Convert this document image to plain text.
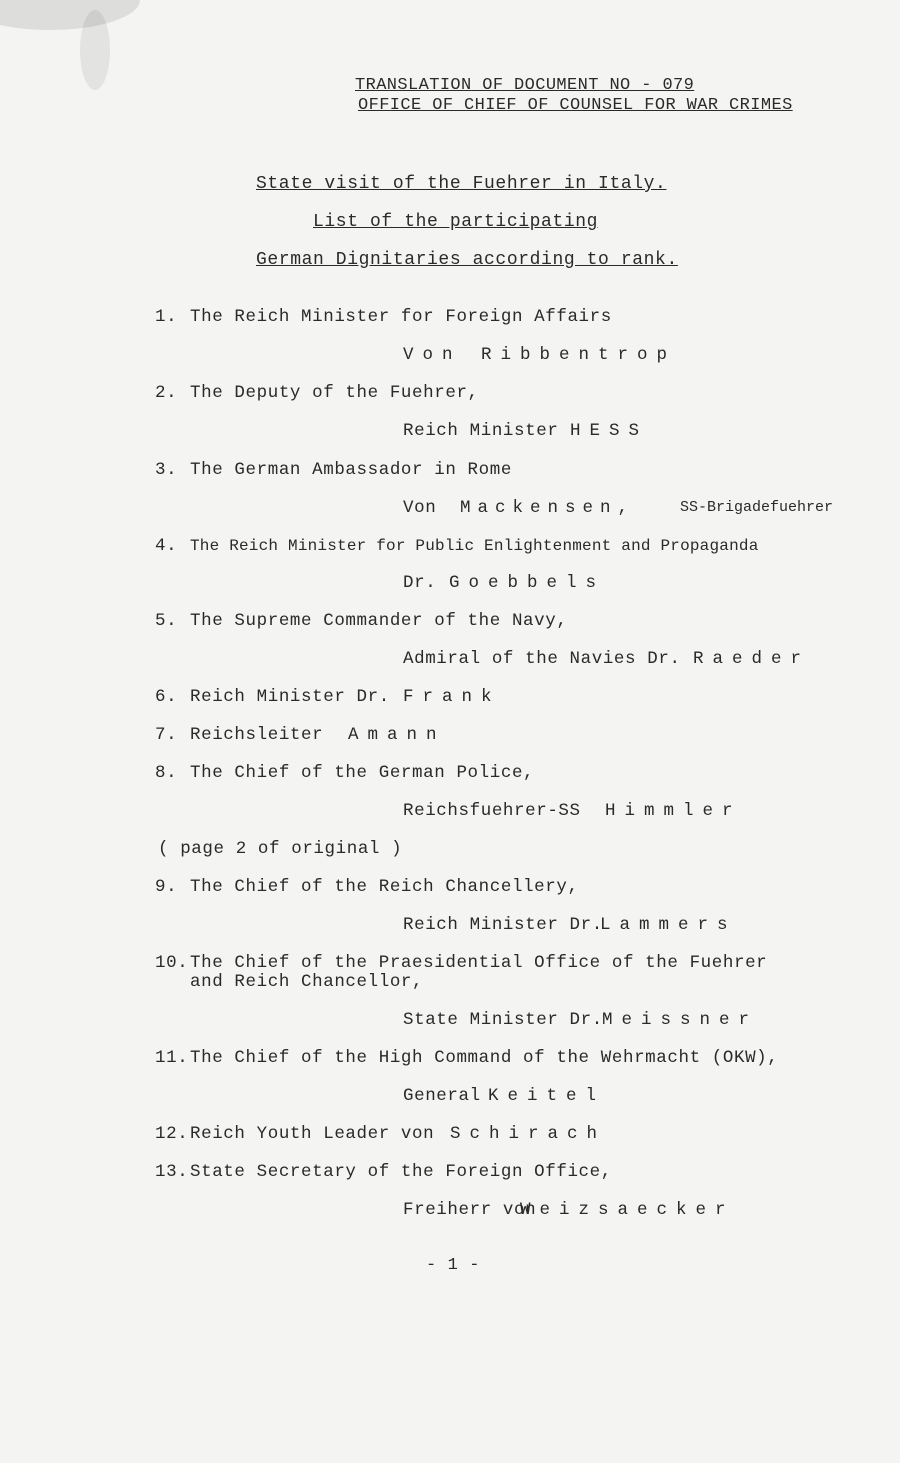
TRANSLATION OF DOCUMENT NO - 079
OFFICE OF CHIEF OF COUNSEL FOR WAR CRIMES
State visit of the Fuehrer in Italy.
List of the participating
German Dignitaries according to rank.
1. The Reich Minister for Foreign Affairs
Von Ribbentrop
2. The Deputy of the Fuehrer,
Reich Minister HESS
3. The German Ambassador in Rome
Von Mackensen,	SS-Brigadefuehrer
4. The Reich Minister for Public Enlightenment and Propaganda
Dr. Goebbels
5. The Supreme Commander of the Navy,
Admiral of the Navies Dr. Raeder
6. Reich Minister Dr. Frank
7. Reichsleiter Amann
8. The Chief of the German Police,
Reichsfuehrer-SS Himmler
( page 2 of original )
9. The Chief of the Reich Chancellery,
Reich Minister Dr.
Lammers
10. The Chief of the Praesidential Office of the Fuehrer
and Reich Chancellor,
State Minister Dr. Meissner
11. The Chief of the High Command of the Wehrmacht (OKW),
General Keitel
12. Reich Youth Leader von Schirach
13. State Secretary of the Foreign Office,
Freiherr von
Weizsaecker
- 1 -
